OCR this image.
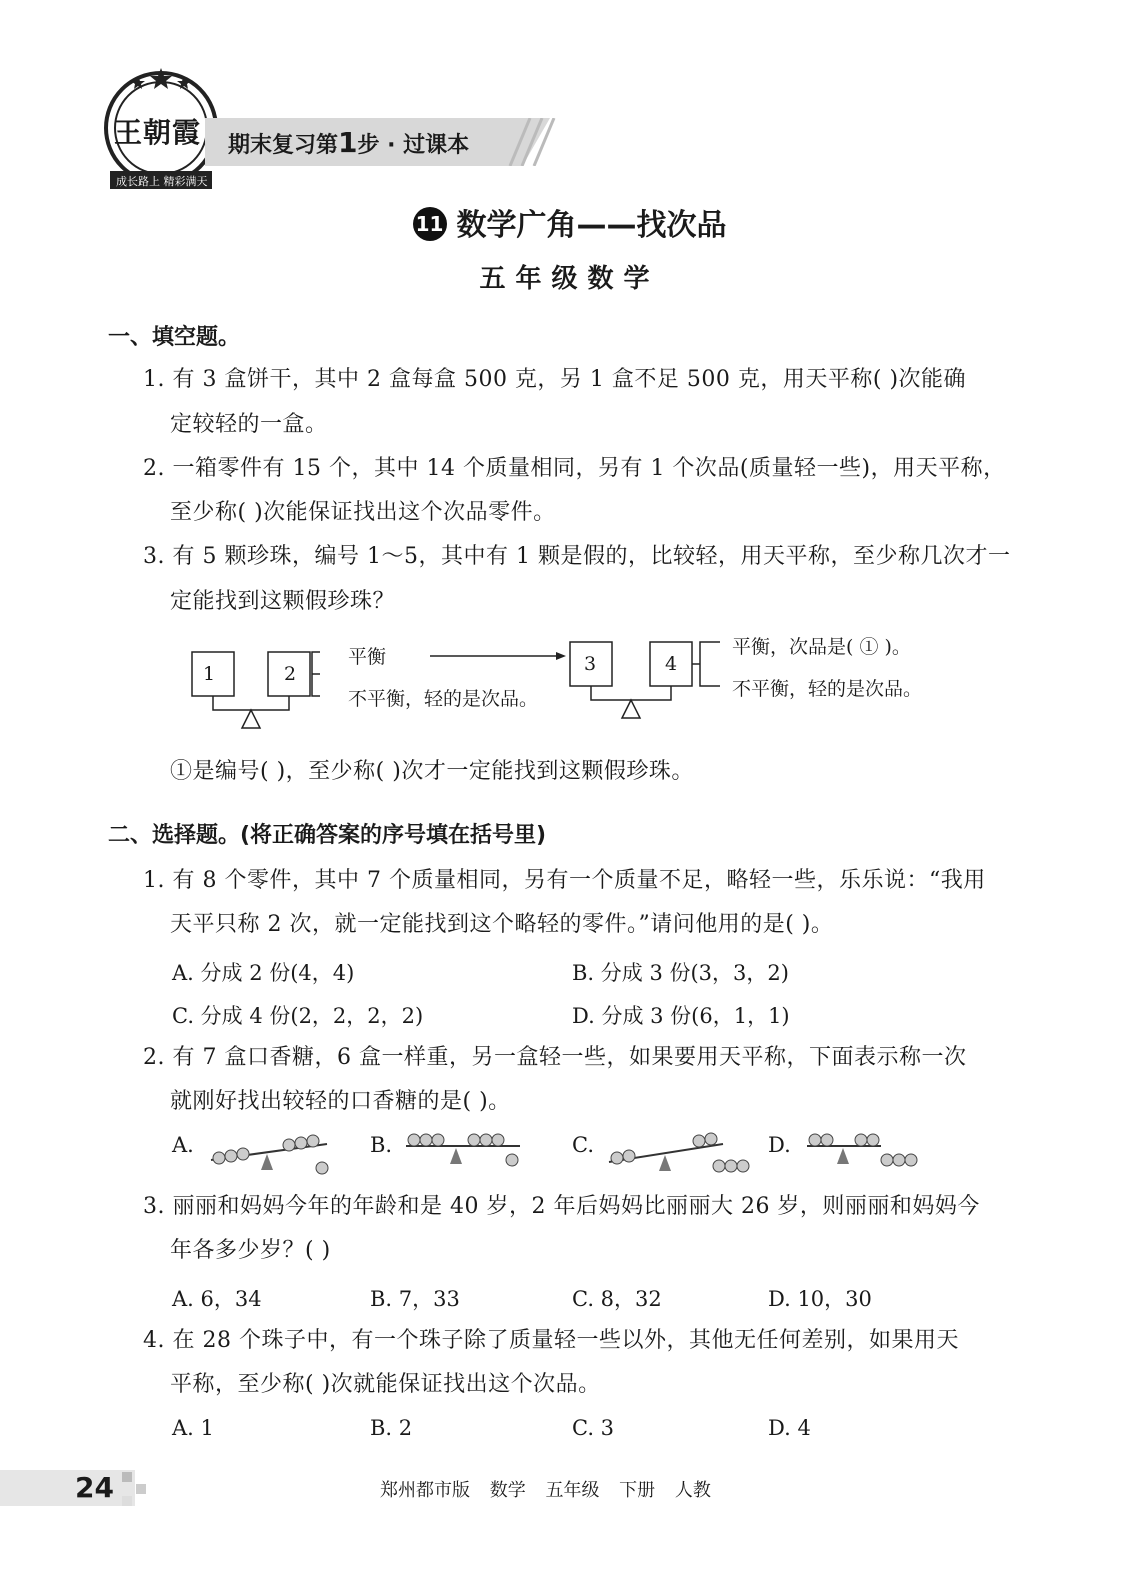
王朝霞
成长路上 精彩满天
期末复习第1步 · 过课本
11 数学广角——找次品
五年级数学
一、填空题。
1. 有 3 盒饼干，其中 2 盒每盒 500 克，另 1 盒不足 500 克，用天平称( )次能确
定较轻的一盒。
2. 一箱零件有 15 个，其中 14 个质量相同，另有 1 个次品(质量轻一些)，用天平称，
至少称( )次能保证找出这个次品零件。
3. 有 5 颗珍珠，编号 1～5，其中有 1 颗是假的，比较轻，用天平称，至少称几次才一
定能找到这颗假珍珠？
1	2	3	4
平衡
不平衡，轻的是次品。
平衡，次品是( ① )。
不平衡，轻的是次品。
①是编号( )，至少称( )次才一定能找到这颗假珍珠。
二、选择题。(将正确答案的序号填在括号里)
1. 有 8 个零件，其中 7 个质量相同，另有一个质量不足，略轻一些，乐乐说：“我用
天平只称 2 次，就一定能找到这个略轻的零件。”请问他用的是( )。
A. 分成 2 份(4，4)	B. 分成 3 份(3，3，2)
C. 分成 4 份(2，2，2，2)	D. 分成 3 份(6，1，1)
2. 有 7 盒口香糖，6 盒一样重，另一盒轻一些，如果要用天平称，下面表示称一次
就刚好找出较轻的口香糖的是( )。
A.	B.	C.	D.
3. 丽丽和妈妈今年的年龄和是 40 岁，2 年后妈妈比丽丽大 26 岁，则丽丽和妈妈今
年各多少岁？( )
A. 6，34	B. 7，33	C. 8，32	D. 10，30
4. 在 28 个珠子中，有一个珠子除了质量轻一些以外，其他无任何差别，如果用天
平称，至少称( )次就能保证找出这个次品。
A. 1	B. 2	C. 3	D. 4
24	郑州都市版 数学 五年级 下册 人教
